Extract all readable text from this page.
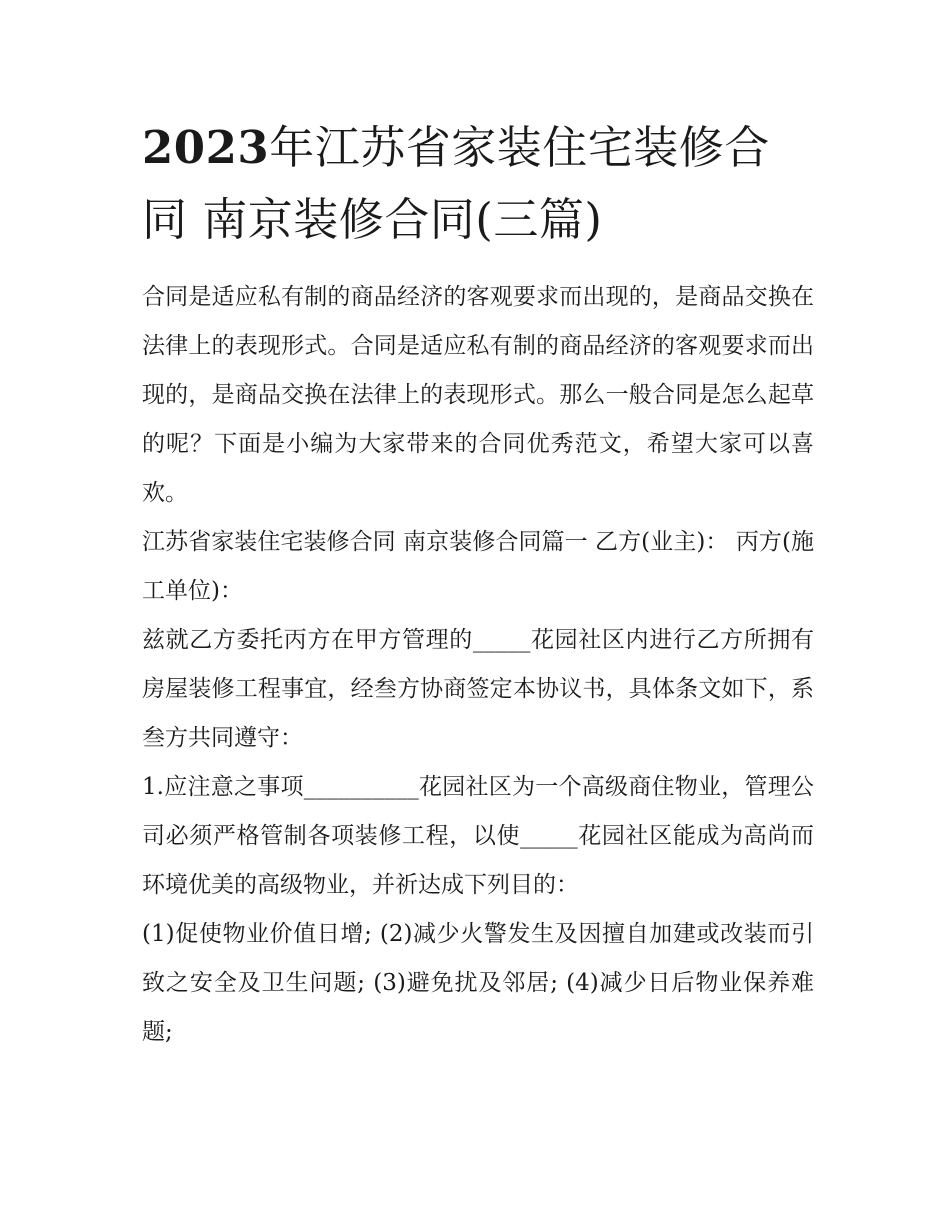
2023年江苏省家装住宅装修合同 南京装修合同(三篇)

合同是适应私有制的商品经济的客观要求而出现的，是商品交换在法律上的表现形式。合同是适应私有制的商品经济的客观要求而出现的，是商品交换在法律上的表现形式。那么一般合同是怎么起草的呢？下面是小编为大家带来的合同优秀范文，希望大家可以喜欢。

江苏省家装住宅装修合同 南京装修合同篇一 乙方(业主)： 丙方(施工单位)：

兹就乙方委托丙方在甲方管理的_____花园社区内进行乙方所拥有房屋装修工程事宜，经叁方协商签定本协议书，具体条文如下，系叁方共同遵守：

1.应注意之事项__________花园社区为一个高级商住物业，管理公司必须严格管制各项装修工程，以使_____花园社区能成为高尚而环境优美的高级物业，并祈达成下列目的：

(1)促使物业价值日增; (2)减少火警发生及因擅自加建或改装而引致之安全及卫生问题; (3)避免扰及邻居; (4)减少日后物业保养难题;
